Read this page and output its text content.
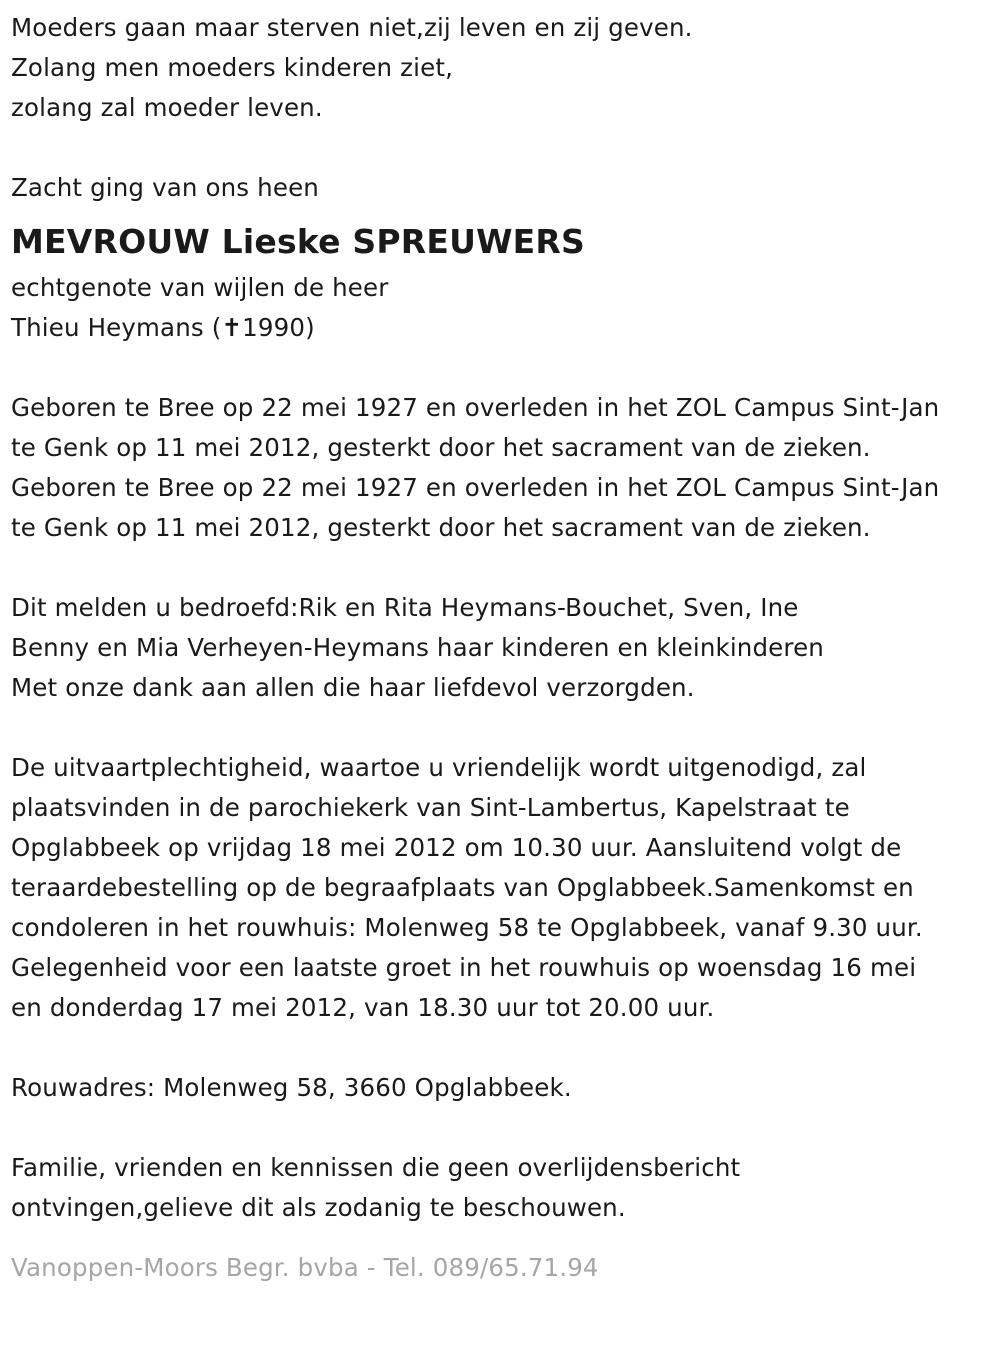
Moeders gaan maar sterven niet,zij leven en zij geven.
Zolang men moeders kinderen ziet,
zolang zal moeder leven.
Zacht ging van ons heen
MEVROUW Lieske SPREUWERS
echtgenote van wijlen de heer
Thieu Heymans (✝1990)
Geboren te Bree op 22 mei 1927 en overleden in het ZOL Campus Sint-Jan
te Genk op 11 mei 2012, gesterkt door het sacrament van de zieken.
Geboren te Bree op 22 mei 1927 en overleden in het ZOL Campus Sint-Jan
te Genk op 11 mei 2012, gesterkt door het sacrament van de zieken.
Dit melden u bedroefd:Rik en Rita Heymans-Bouchet, Sven, Ine
Benny en Mia Verheyen-Heymans haar kinderen en kleinkinderen
Met onze dank aan allen die haar liefdevol verzorgden.
De uitvaartplechtigheid, waartoe u vriendelijk wordt uitgenodigd, zal
plaatsvinden in de parochiekerk van Sint-Lambertus, Kapelstraat te
Opglabbeek op vrijdag 18 mei 2012 om 10.30 uur. Aansluitend volgt de
teraardebestelling op de begraafplaats van Opglabbeek.Samenkomst en
condoleren in het rouwhuis: Molenweg 58 te Opglabbeek, vanaf 9.30 uur.
Gelegenheid voor een laatste groet in het rouwhuis op woensdag 16 mei
en donderdag 17 mei 2012, van 18.30 uur tot 20.00 uur.
Rouwadres: Molenweg 58, 3660 Opglabbeek.
Familie, vrienden en kennissen die geen overlijdensbericht
ontvingen,gelieve dit als zodanig te beschouwen.
Vanoppen-Moors Begr. bvba - Tel. 089/65.71.94
